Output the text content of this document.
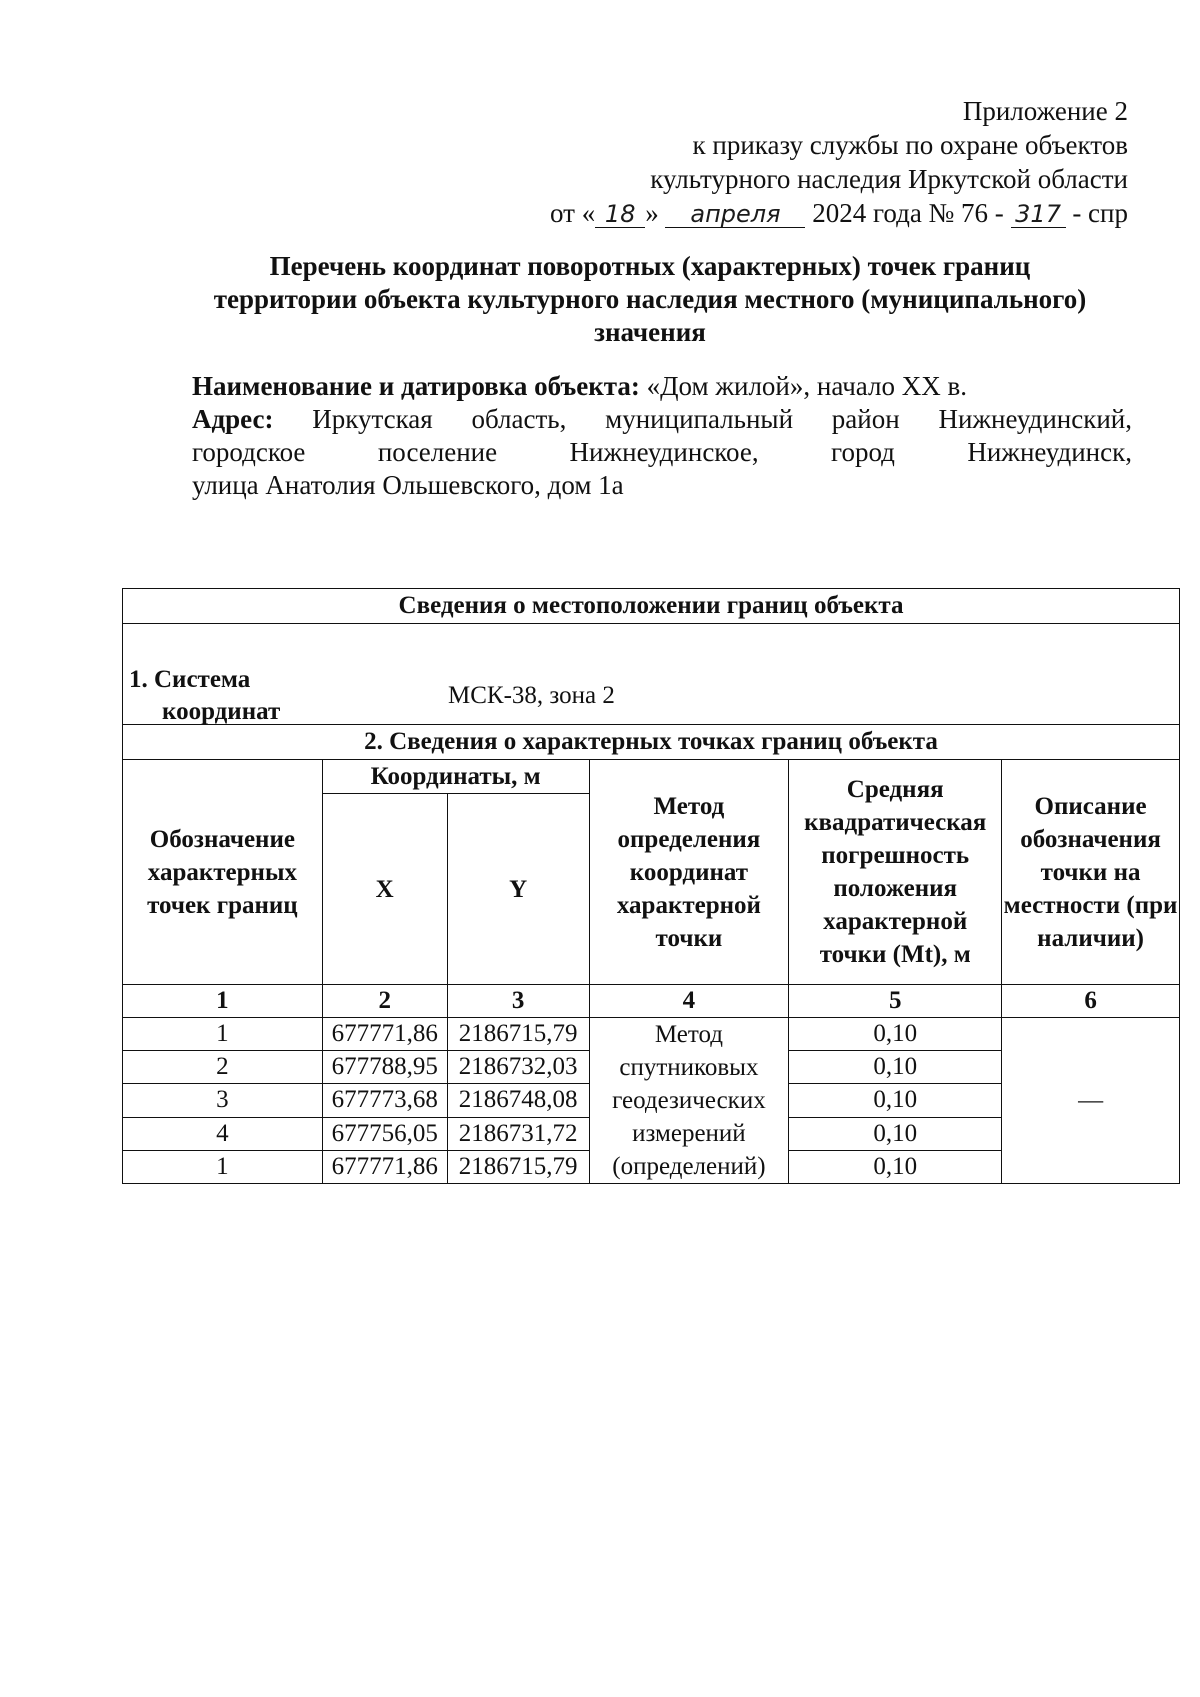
Приложение 2
к приказу службы по охране объектов
культурного наследия Иркутской области
от « 18 » апреля 2024 года № 76 - 317 - спр
Перечень координат поворотных (характерных) точек границ
территории объекта культурного наследия местного (муниципального)
значения
Наименование и датировка объекта: «Дом жилой», начало XX в.
Адрес: Иркутская область, муниципальный район Нижнеудинский,
городское поселение Нижнеудинское, город Нижнеудинск,
улица Анатолия Ольшевского, дом 1а
Сведения о местоположении границ объекта					

1. Система
координат
МСК-38, зона 2					

2. Сведения о характерных точках границ объекта					
Обозначение характерных точек границ	Координаты, м		Метод определения координат характерной точки	Средняя квадратическая погрешность положения характерной точки (Mt), м	Описание обозначения точки на местности (при наличии)
	X	Y			
1	2	3	4	5	6
1	677771,86	2186715,79	Метод спутниковых геодезических измерений (определений)	0,10	—
2	677788,95	2186732,03		0,10	
3	677773,68	2186748,08		0,10	
4	677756,05	2186731,72		0,10	
1	677771,86	2186715,79		0,10	
